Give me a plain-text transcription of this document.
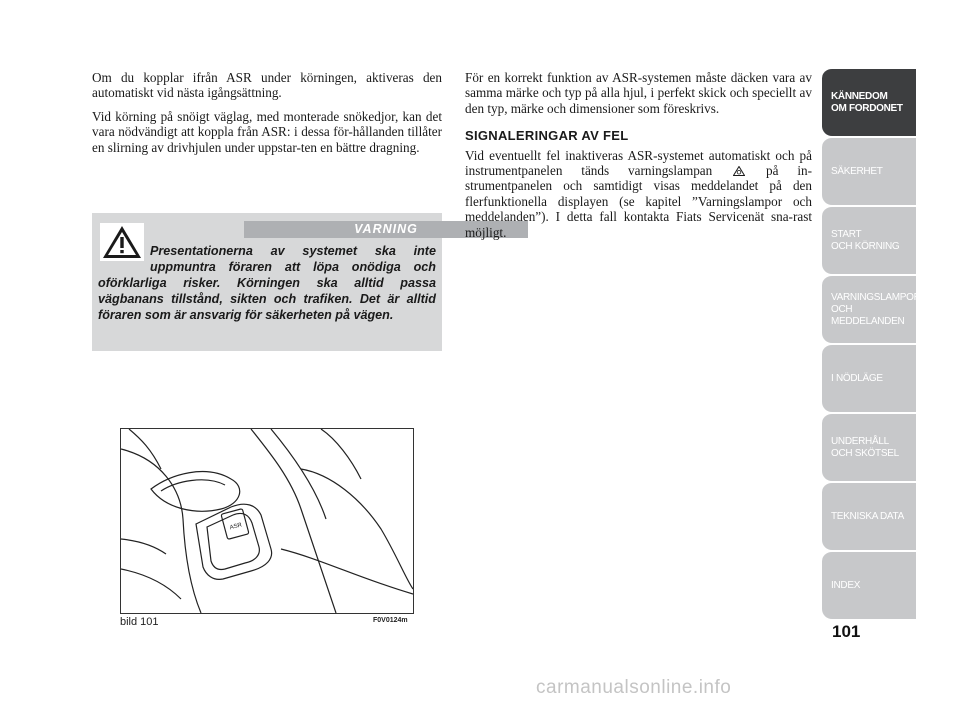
Om du kopplar ifrån ASR under körningen, aktiveras den automatiskt vid nästa igångsättning.

Vid körning på snöigt väglag, med monterade snökedjor, kan det vara nödvändigt att koppla från ASR: i dessa för-hållanden tillåter en slirning av drivhjulen under uppstar-ten en bättre dragning.

VARNING
Presentationerna av systemet ska inte uppmuntra föraren att löpa onödiga och oförklarliga risker. Körningen ska alltid passa vägbanans tillstånd, sikten och trafiken. Det är alltid föraren som är ansvarig för säkerheten på vägen.
ASR
bild 101	F0V0124m

För en korrekt funktion av ASR-systemen måste däcken vara av samma märke och typ på alla hjul, i perfekt skick och speciellt av den typ, märke och dimensioner som föreskrivs.

SIGNALERINGAR AV FEL

Vid eventuellt fel inaktiveras ASR-systemet automatiskt och på instrumentpanelen tänds varningslampan	på in-strumentpanelen och samtidigt visas meddelandet på den flerfunktionella displayen (se kapitel ”Varningslampor och meddelanden”). I detta fall kontakta Fiats Servicenät sna-rast möjligt.

KÄNNEDOM
OM FORDONET
SÄKERHET
START
OCH KÖRNING
VARNINGSLAMPOR
OCH
MEDDELANDEN
I NÖDLÄGE
UNDERHÅLL
OCH SKÖTSEL
TEKNISKA DATA
INDEX
101
carmanualsonline.info
